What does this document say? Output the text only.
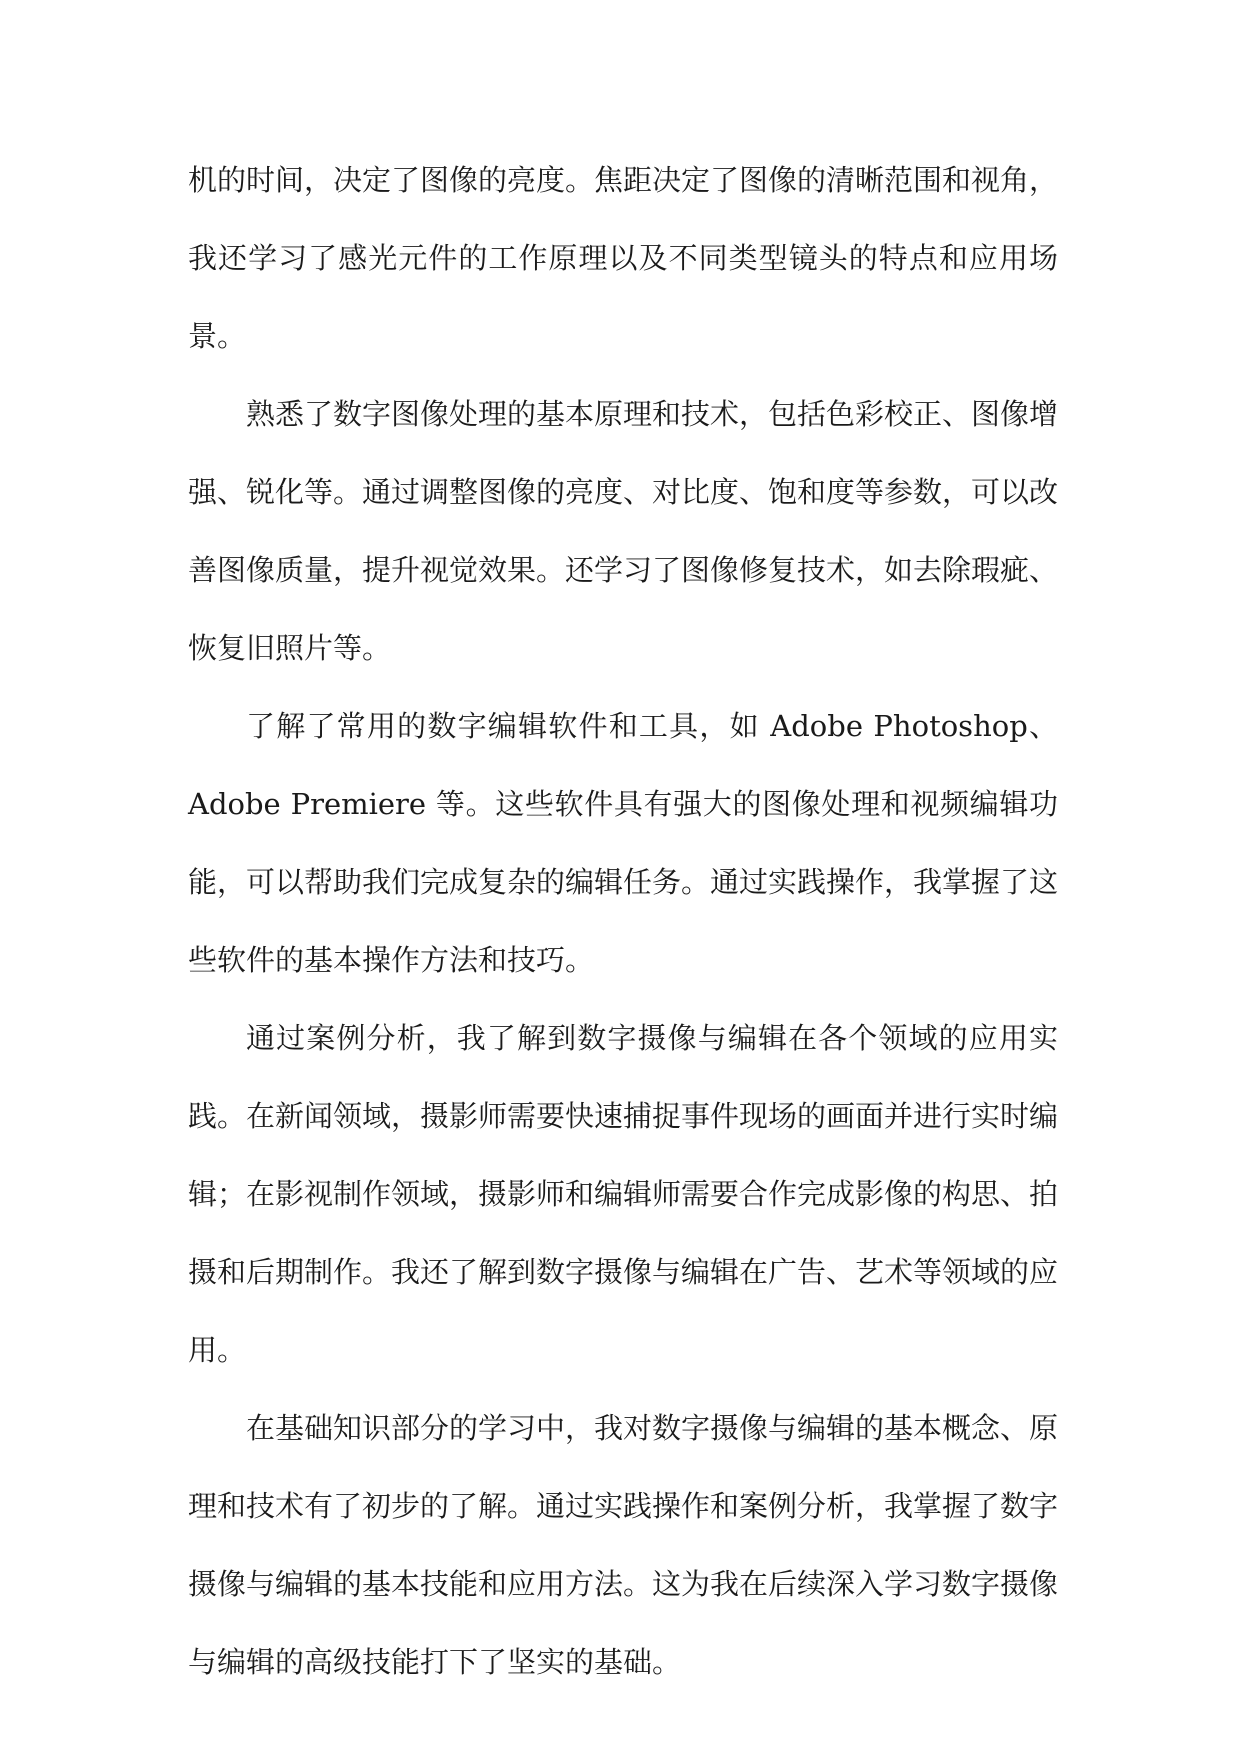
机的时间，决定了图像的亮度。焦距决定了图像的清晰范围和视角，我还学习了感光元件的工作原理以及不同类型镜头的特点和应用场景。

熟悉了数字图像处理的基本原理和技术，包括色彩校正、图像增强、锐化等。通过调整图像的亮度、对比度、饱和度等参数，可以改善图像质量，提升视觉效果。还学习了图像修复技术，如去除瑕疵、恢复旧照片等。

了解了常用的数字编辑软件和工具，如 Adobe Photoshop、Adobe Premiere 等。这些软件具有强大的图像处理和视频编辑功能，可以帮助我们完成复杂的编辑任务。通过实践操作，我掌握了这些软件的基本操作方法和技巧。

通过案例分析，我了解到数字摄像与编辑在各个领域的应用实践。在新闻领域，摄影师需要快速捕捉事件现场的画面并进行实时编辑；在影视制作领域，摄影师和编辑师需要合作完成影像的构思、拍摄和后期制作。我还了解到数字摄像与编辑在广告、艺术等领域的应用。

在基础知识部分的学习中，我对数字摄像与编辑的基本概念、原理和技术有了初步的了解。通过实践操作和案例分析，我掌握了数字摄像与编辑的基本技能和应用方法。这为我在后续深入学习数字摄像与编辑的高级技能打下了坚实的基础。
